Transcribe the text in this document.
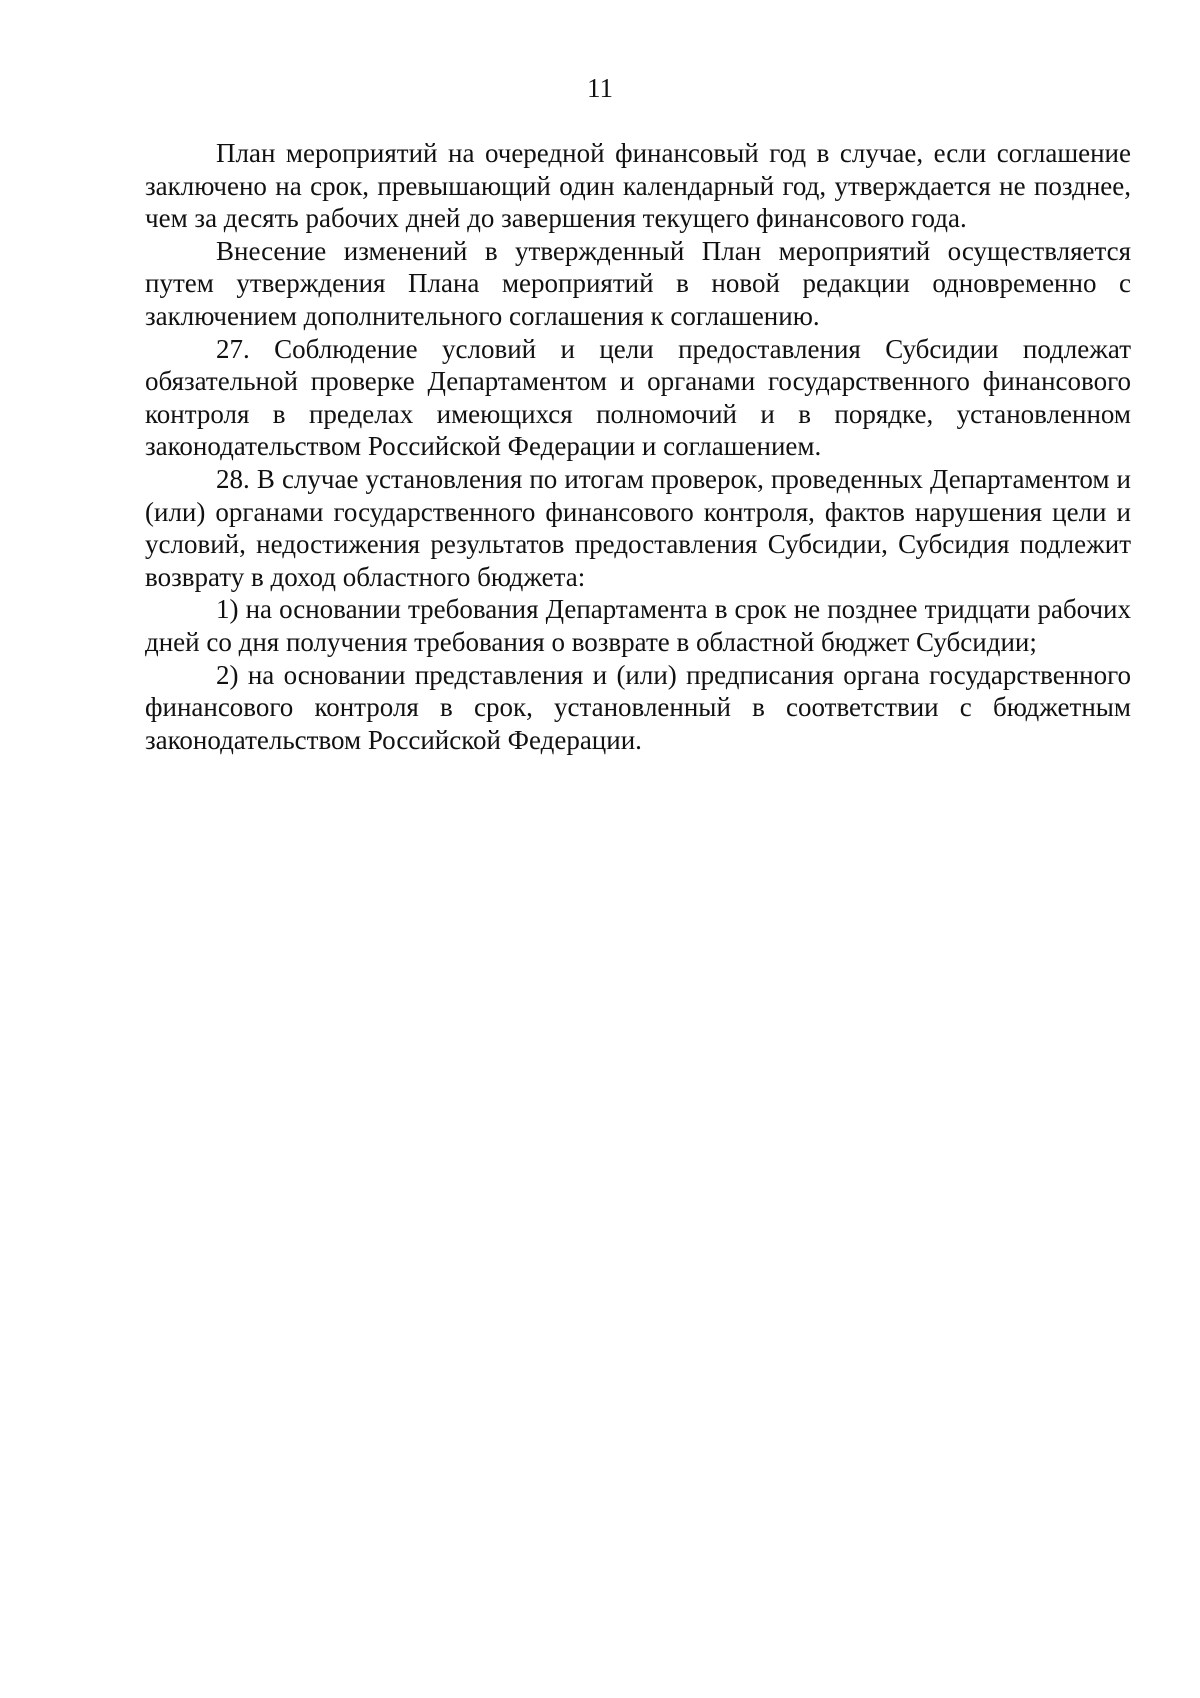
11

План мероприятий на очередной финансовый год в случае, если соглашение заключено на срок, превышающий один календарный год, утверждается не позднее, чем за десять рабочих дней до завершения текущего финансового года.

Внесение изменений в утвержденный План мероприятий осуществляется путем утверждения Плана мероприятий в новой редакции одновременно с заключением дополнительного соглашения к соглашению.

27. Соблюдение условий и цели предоставления Субсидии подлежат обязательной проверке Департаментом и органами государственного финансового контроля в пределах имеющихся полномочий и в порядке, установленном законодательством Российской Федерации и соглашением.

28. В случае установления по итогам проверок, проведенных Департаментом и (или) органами государственного финансового контроля, фактов нарушения цели и условий, недостижения результатов предоставления Субсидии, Субсидия подлежит возврату в доход областного бюджета:

1) на основании требования Департамента в срок не позднее тридцати рабочих дней со дня получения требования о возврате в областной бюджет Субсидии;

2) на основании представления и (или) предписания органа государственного финансового контроля в срок, установленный в соответствии с бюджетным законодательством Российской Федерации.
